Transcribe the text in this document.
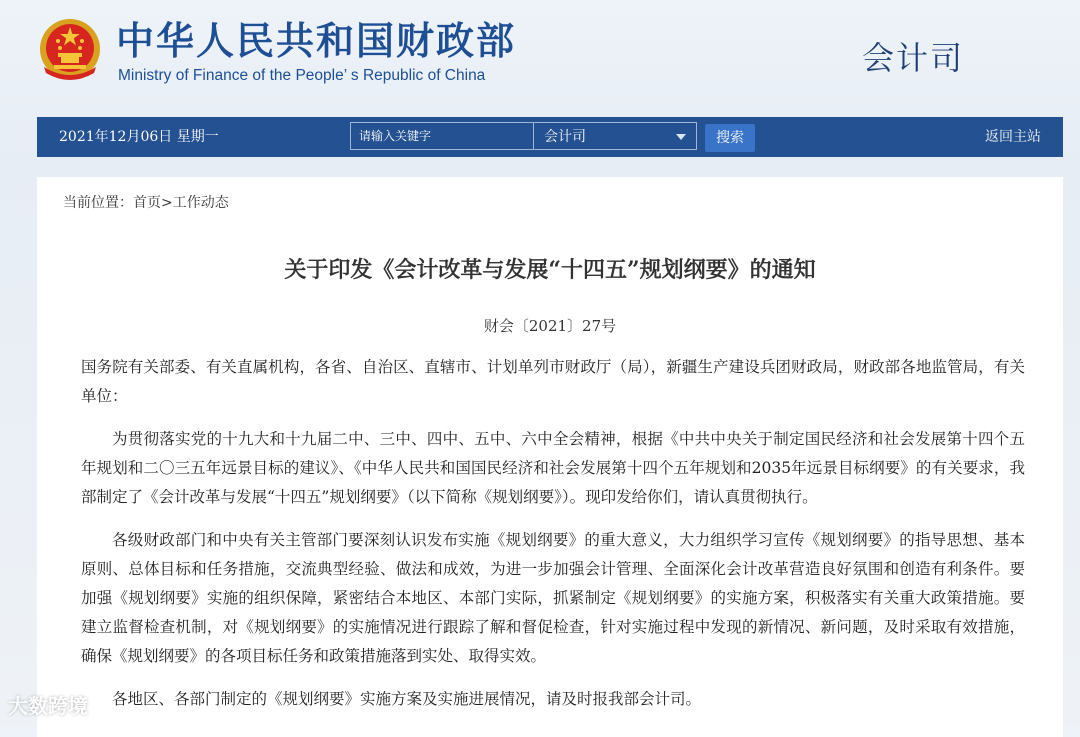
中华人民共和国财政部
Ministry of Finance of the People’ s Republic of China	会计司
2021年12月06日 星期一
请输入关键字	会计司	搜索	返回主站
当前位置：首页>工作动态
关于印发《会计改革与发展“十四五”规划纲要》的通知
财会〔2021〕27号

国务院有关部委、有关直属机构，各省、自治区、直辖市、计划单列市财政厅（局），新疆生产建设兵团财政局，财政部各地监管局，有关单位：

为贯彻落实党的十九大和十九届二中、三中、四中、五中、六中全会精神，根据《中共中央关于制定国民经济和社会发展第十四个五年规划和二〇三五年远景目标的建议》、《中华人民共和国国民经济和社会发展第十四个五年规划和2035年远景目标纲要》的有关要求，我部制定了《会计改革与发展“十四五”规划纲要》（以下简称《规划纲要》）。现印发给你们，请认真贯彻执行。

各级财政部门和中央有关主管部门要深刻认识发布实施《规划纲要》的重大意义，大力组织学习宣传《规划纲要》的指导思想、基本原则、总体目标和任务措施，交流典型经验、做法和成效，为进一步加强会计管理、全面深化会计改革营造良好氛围和创造有利条件。要加强《规划纲要》实施的组织保障，紧密结合本地区、本部门实际，抓紧制定《规划纲要》的实施方案，积极落实有关重大政策措施。要建立监督检查机制，对《规划纲要》的实施情况进行跟踪了解和督促检查，针对实施过程中发现的新情况、新问题，及时采取有效措施，确保《规划纲要》的各项目标任务和政策措施落到实处、取得实效。

各地区、各部门制定的《规划纲要》实施方案及实施进展情况，请及时报我部会计司。

大数跨境
